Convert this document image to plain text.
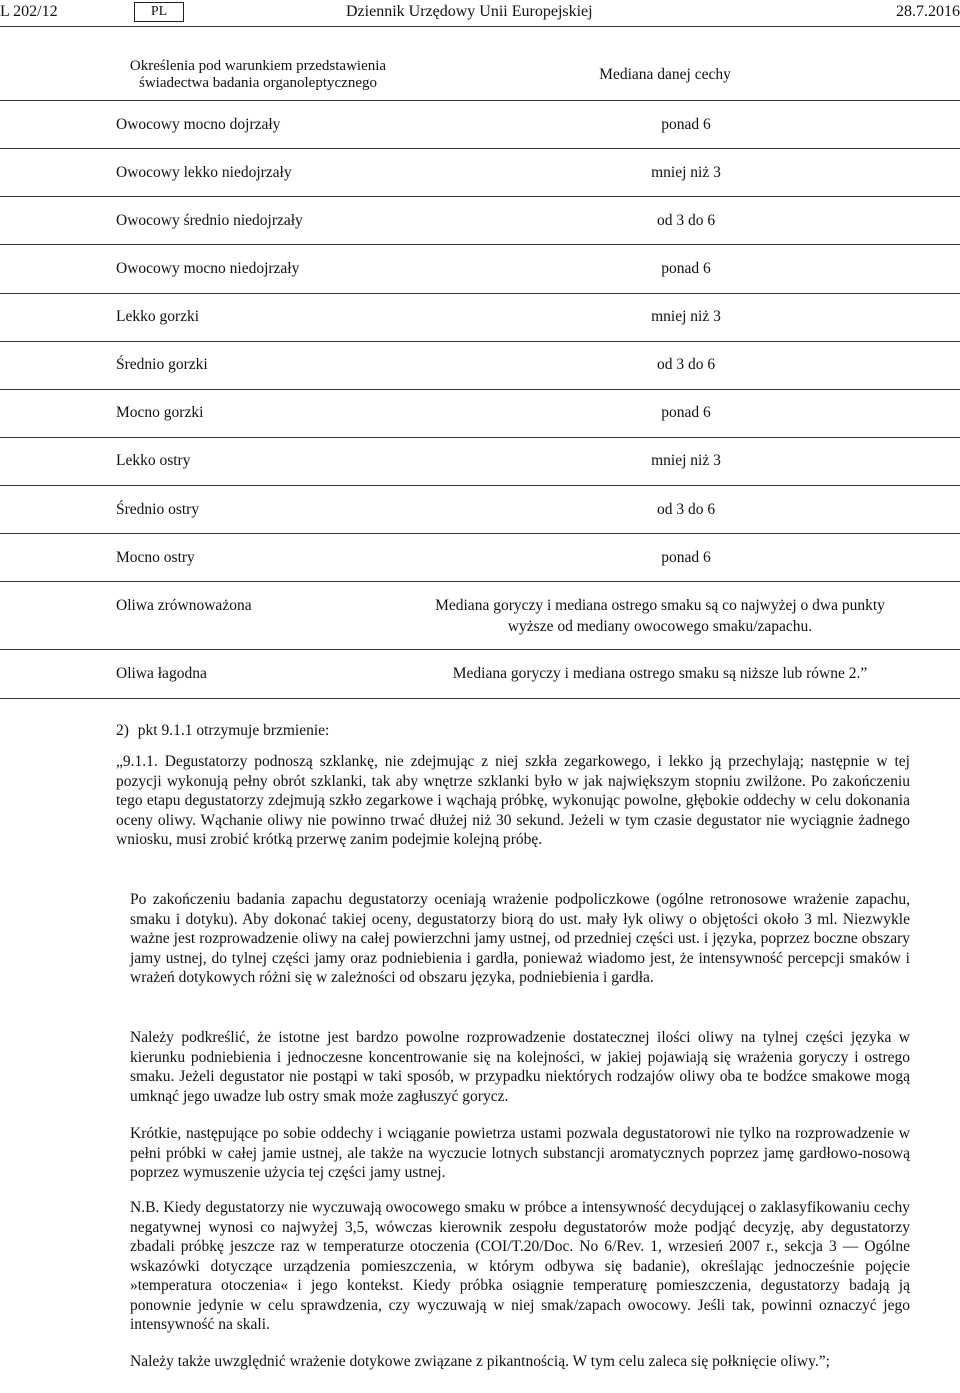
L 202/12	PL	Dziennik Urzędowy Unii Europejskiej	28.7.2016
Określenia pod warunkiem przedstawienia świadectwa badania organoleptycznego	Mediana danej cechy
Owocowy mocno dojrzały	ponad 6
Owocowy lekko niedojrzały	mniej niż 3
Owocowy średnio niedojrzały	od 3 do 6
Owocowy mocno niedojrzały	ponad 6
Lekko gorzki	mniej niż 3
Średnio gorzki	od 3 do 6
Mocno gorzki	ponad 6
Lekko ostry	mniej niż 3
Średnio ostry	od 3 do 6
Mocno ostry	ponad 6
Oliwa zrównoważona	Mediana goryczy i mediana ostrego smaku są co najwyżej o dwa punkty wyższe od mediany owocowego smaku/zapachu.
Oliwa łagodna	Mediana goryczy i mediana ostrego smaku są niższe lub równe 2.”
2) pkt 9.1.1 otrzymuje brzmienie:
„9.1.1. Degustatorzy podnoszą szklankę, nie zdejmując z niej szkła zegarkowego, i lekko ją przechylają; następnie w tej pozycji wykonują pełny obrót szklanki, tak aby wnętrze szklanki było w jak największym stopniu zwilżone. Po zakończeniu tego etapu degustatorzy zdejmują szkło zegarkowe i wąchają próbkę, wykonując powolne, głębokie oddechy w celu dokonania oceny oliwy. Wąchanie oliwy nie powinno trwać dłużej niż 30 sekund. Jeżeli w tym czasie degustator nie wyciągnie żadnego wniosku, musi zrobić krótką przerwę zanim podejmie kolejną próbę.
Po zakończeniu badania zapachu degustatorzy oceniają wrażenie podpoliczkowe (ogólne retronosowe wrażenie zapachu, smaku i dotyku). Aby dokonać takiej oceny, degustatorzy biorą do ust. mały łyk oliwy o objętości około 3 ml. Niezwykle ważne jest rozprowadzenie oliwy na całej powierzchni jamy ustnej, od przedniej części ust. i języka, poprzez boczne obszary jamy ustnej, do tylnej części jamy oraz podniebienia i gardła, ponieważ wiadomo jest, że intensywność percepcji smaków i wrażeń dotykowych różni się w zależności od obszaru języka, podniebienia i gardła.
Należy podkreślić, że istotne jest bardzo powolne rozprowadzenie dostatecznej ilości oliwy na tylnej części języka w kierunku podniebienia i jednoczesne koncentrowanie się na kolejności, w jakiej pojawiają się wrażenia goryczy i ostrego smaku. Jeżeli degustator nie postąpi w taki sposób, w przypadku niektórych rodzajów oliwy oba te bodźce smakowe mogą umknąć jego uwadze lub ostry smak może zagłuszyć gorycz.
Krótkie, następujące po sobie oddechy i wciąganie powietrza ustami pozwala degustatorowi nie tylko na rozprowadzenie w pełni próbki w całej jamie ustnej, ale także na wyczucie lotnych substancji aromatycznych poprzez jamę gardłowo-nosową poprzez wymuszenie użycia tej części jamy ustnej.
N.B. Kiedy degustatorzy nie wyczuwają owocowego smaku w próbce a intensywność decydującej o zaklasyfikowaniu cechy negatywnej wynosi co najwyżej 3,5, wówczas kierownik zespołu degustatorów może podjąć decyzję, aby degustatorzy zbadali próbkę jeszcze raz w temperaturze otoczenia (COI/T.20/Doc. No 6/Rev. 1, wrzesień 2007 r., sekcja 3 — Ogólne wskazówki dotyczące urządzenia pomieszczenia, w którym odbywa się badanie), określając jednocześnie pojęcie »temperatura otoczenia« i jego kontekst. Kiedy próbka osiągnie temperaturę pomieszczenia, degustatorzy badają ją ponownie jedynie w celu sprawdzenia, czy wyczuwają w niej smak/zapach owocowy. Jeśli tak, powinni oznaczyć jego intensywność na skali.
Należy także uwzględnić wrażenie dotykowe związane z pikantnością. W tym celu zaleca się połknięcie oliwy.”;
